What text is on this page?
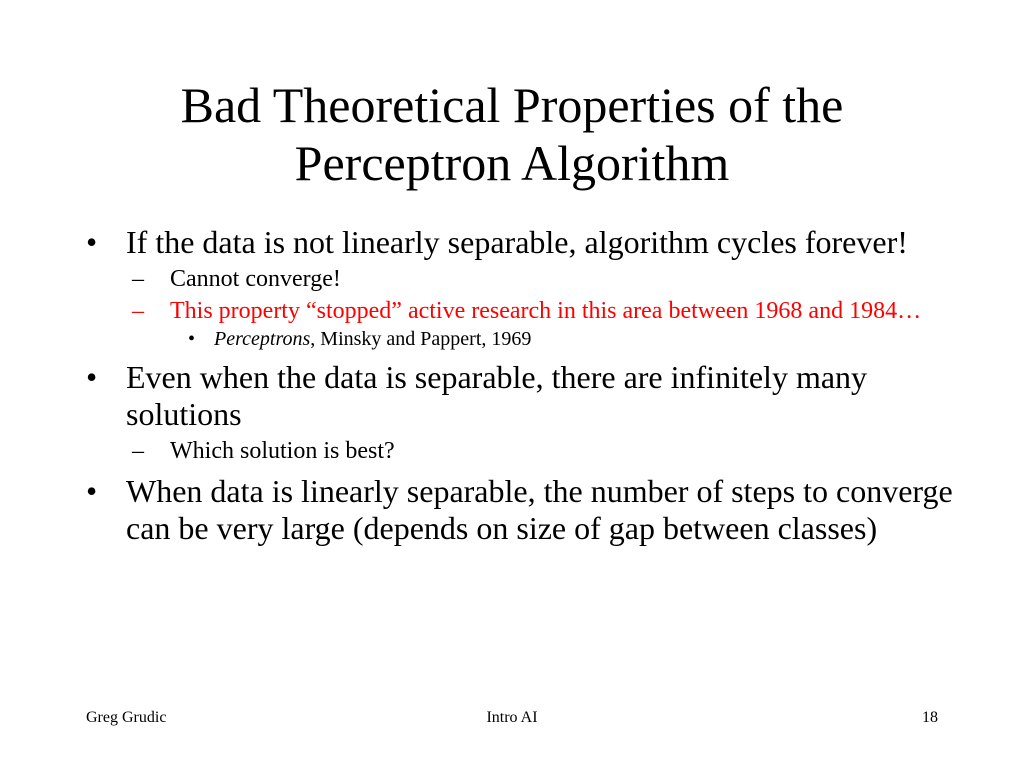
Bad Theoretical Properties of the
Perceptron Algorithm
• If the data is not linearly separable, algorithm cycles forever!
– Cannot converge!
– This property “stopped” active research in this area between 1968 and 1984…
• Perceptrons, Minsky and Pappert, 1969
• Even when the data is separable, there are infinitely many solutions
– Which solution is best?
• When data is linearly separable, the number of steps to converge can be very large (depends on size of gap between classes)
Greg Grudic	Intro AI	18
